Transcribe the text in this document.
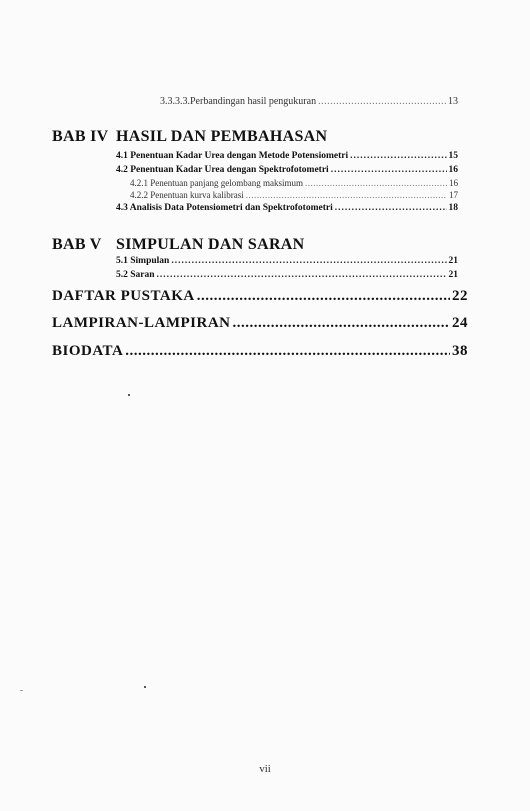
3.3.3.3.Perbandingan hasil pengukuran .....	13
BAB IV HASIL DAN PEMBAHASAN
4.1 Penentuan Kadar Urea dengan Metode Potensiometri .....	15
4.2 Penentuan Kadar Urea dengan Spektrofotometri .....	16
4.2.1 Penentuan panjang gelombang maksimum .....	16
4.2.2 Penentuan kurva kalibrasi .....	17
4.3 Analisis Data Potensiometri dan Spektrofotometri .....	18
BAB V SIMPULAN DAN SARAN
5.1 Simpulan .....	21
5.2 Saran .....	21
DAFTAR PUSTAKA .....	22
LAMPIRAN-LAMPIRAN .....	24
BIODATA .....	38
vii
